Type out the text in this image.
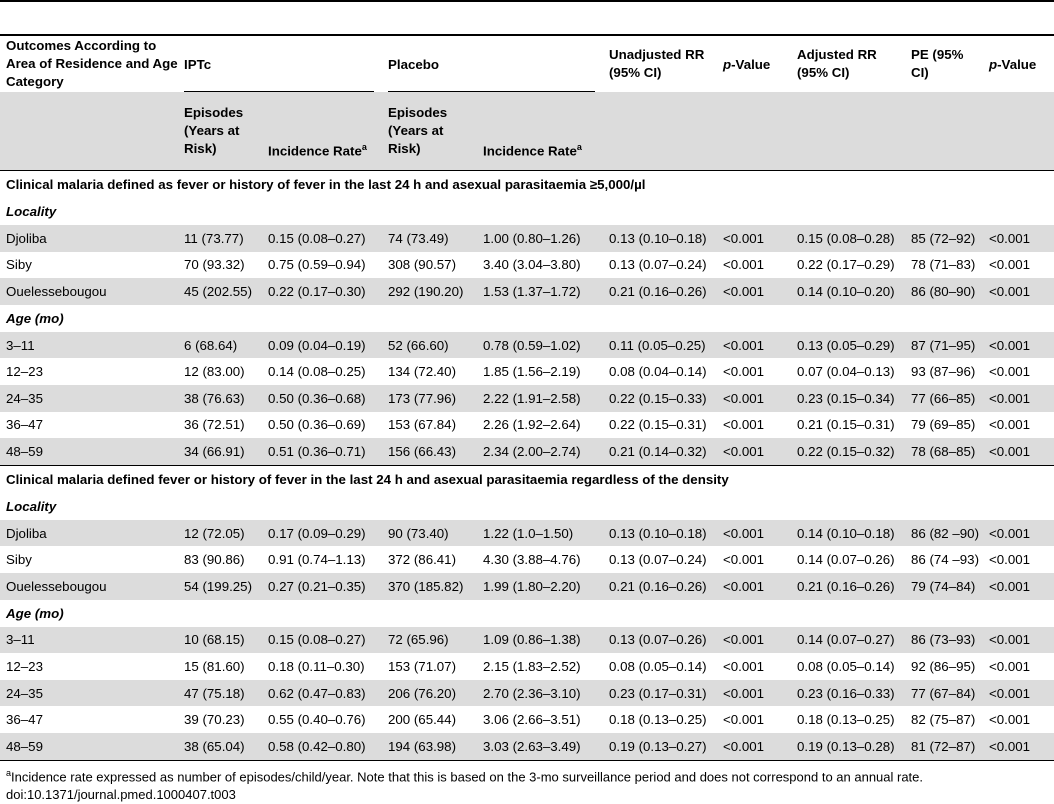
Outcomes According to Area of Residence and Age Category	IPTc		Placebo		Unadjusted RR (95% CI)	p-Value	Adjusted RR (95% CI)	PE (95% CI)	p-Value
	Episodes (Years at Risk)	Incidence Rate$^a$	Episodes (Years at Risk)	Incidence Rate$^a$					
Clinical malaria defined as fever or history of fever in the last 24 h and asexual parasitaemia ≥5,000/µl									
Locality									
Djoliba	11 (73.77)	0.15 (0.08–0.27)	74 (73.49)	1.00 (0.80–1.26)	0.13 (0.10–0.18)	<0.001	0.15 (0.08–0.28)	85 (72–92)	<0.001
Siby	70 (93.32)	0.75 (0.59–0.94)	308 (90.57)	3.40 (3.04–3.80)	0.13 (0.07–0.24)	<0.001	0.22 (0.17–0.29)	78 (71–83)	<0.001
Ouelessebougou	45 (202.55)	0.22 (0.17–0.30)	292 (190.20)	1.53 (1.37–1.72)	0.21 (0.16–0.26)	<0.001	0.14 (0.10–0.20)	86 (80–90)	<0.001
Age (mo)									
3–11	6 (68.64)	0.09 (0.04–0.19)	52 (66.60)	0.78 (0.59–1.02)	0.11 (0.05–0.25)	<0.001	0.13 (0.05–0.29)	87 (71–95)	<0.001
12–23	12 (83.00)	0.14 (0.08–0.25)	134 (72.40)	1.85 (1.56–2.19)	0.08 (0.04–0.14)	<0.001	0.07 (0.04–0.13)	93 (87–96)	<0.001
24–35	38 (76.63)	0.50 (0.36–0.68)	173 (77.96)	2.22 (1.91–2.58)	0.22 (0.15–0.33)	<0.001	0.23 (0.15–0.34)	77 (66–85)	<0.001
36–47	36 (72.51)	0.50 (0.36–0.69)	153 (67.84)	2.26 (1.92–2.64)	0.22 (0.15–0.31)	<0.001	0.21 (0.15–0.31)	79 (69–85)	<0.001
48–59	34 (66.91)	0.51 (0.36–0.71)	156 (66.43)	2.34 (2.00–2.74)	0.21 (0.14–0.32)	<0.001	0.22 (0.15–0.32)	78 (68–85)	<0.001
Clinical malaria defined fever or history of fever in the last 24 h and asexual parasitaemia regardless of the density									
Locality									
Djoliba	12 (72.05)	0.17 (0.09–0.29)	90 (73.40)	1.22 (1.0–1.50)	0.13 (0.10–0.18)	<0.001	0.14 (0.10–0.18)	86 (82 –90)	<0.001
Siby	83 (90.86)	0.91 (0.74–1.13)	372 (86.41)	4.30 (3.88–4.76)	0.13 (0.07–0.24)	<0.001	0.14 (0.07–0.26)	86 (74 –93)	<0.001
Ouelessebougou	54 (199.25)	0.27 (0.21–0.35)	370 (185.82)	1.99 (1.80–2.20)	0.21 (0.16–0.26)	<0.001	0.21 (0.16–0.26)	79 (74–84)	<0.001
Age (mo)									
3–11	10 (68.15)	0.15 (0.08–0.27)	72 (65.96)	1.09 (0.86–1.38)	0.13 (0.07–0.26)	<0.001	0.14 (0.07–0.27)	86 (73–93)	<0.001
12–23	15 (81.60)	0.18 (0.11–0.30)	153 (71.07)	2.15 (1.83–2.52)	0.08 (0.05–0.14)	<0.001	0.08 (0.05–0.14)	92 (86–95)	<0.001
24–35	47 (75.18)	0.62 (0.47–0.83)	206 (76.20)	2.70 (2.36–3.10)	0.23 (0.17–0.31)	<0.001	0.23 (0.16–0.33)	77 (67–84)	<0.001
36–47	39 (70.23)	0.55 (0.40–0.76)	200 (65.44)	3.06 (2.66–3.51)	0.18 (0.13–0.25)	<0.001	0.18 (0.13–0.25)	82 (75–87)	<0.001
48–59	38 (65.04)	0.58 (0.42–0.80)	194 (63.98)	3.03 (2.63–3.49)	0.19 (0.13–0.27)	<0.001	0.19 (0.13–0.28)	81 (72–87)	<0.001
$^a$Incidence rate expressed as number of episodes/child/year. Note that this is based on the 3-mo surveillance period and does not correspond to an annual rate.
doi:10.1371/journal.pmed.1000407.t003
